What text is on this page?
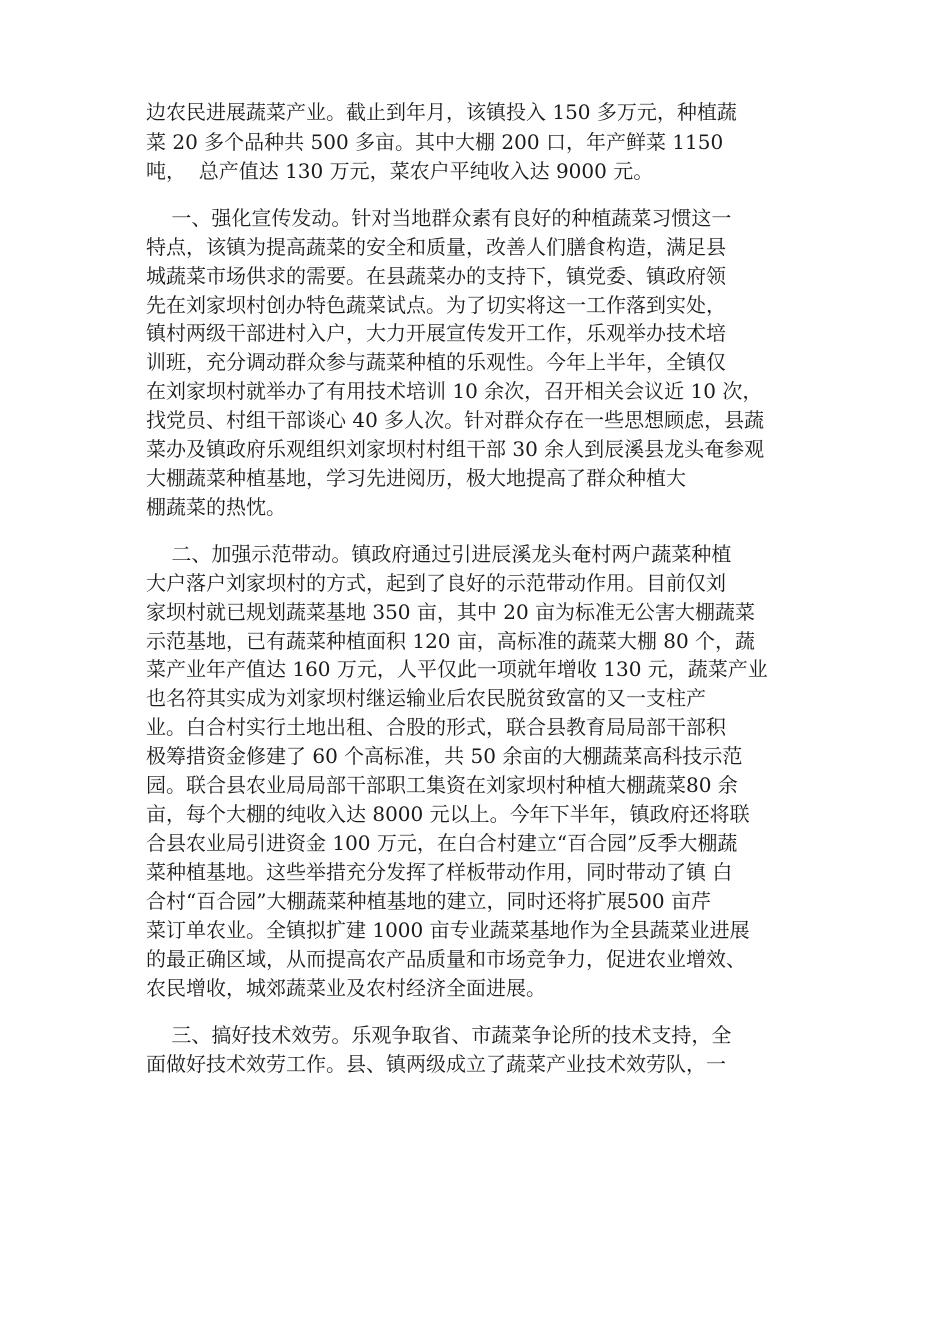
边农民进展蔬菜产业。截止到年月，该镇投入 150 多万元，种植蔬
菜 20 多个品种共 500 多亩。其中大棚 200 口，年产鲜菜 1150
吨，  总产值达 130 万元，菜农户平纯收入达 9000 元。
一、强化宣传发动。针对当地群众素有良好的种植蔬菜习惯这一
特点，该镇为提高蔬菜的安全和质量，改善人们膳食构造，满足县
城蔬菜市场供求的需要。在县蔬菜办的支持下，镇党委、镇政府领
先在刘家坝村创办特色蔬菜试点。为了切实将这一工作落到实处，
镇村两级干部进村入户，大力开展宣传发开工作，乐观举办技术培
训班，充分调动群众参与蔬菜种植的乐观性。今年上半年，全镇仅
在刘家坝村就举办了有用技术培训 10 余次，召开相关会议近 10 次，
找党员、村组干部谈心 40 多人次。针对群众存在一些思想顾虑，县蔬
菜办及镇政府乐观组织刘家坝村村组干部 30 余人到辰溪县龙头奄参观
大棚蔬菜种植基地，学习先进阅历，极大地提高了群众种植大
棚蔬菜的热忱。
二、加强示范带动。镇政府通过引进辰溪龙头奄村两户蔬菜种植
大户落户刘家坝村的方式，起到了良好的示范带动作用。目前仅刘
家坝村就已规划蔬菜基地 350 亩，其中 20 亩为标准无公害大棚蔬菜
示范基地，已有蔬菜种植面积 120 亩，高标准的蔬菜大棚 80 个，蔬
菜产业年产值达 160 万元，人平仅此一项就年增收 130 元，蔬菜产业
也名符其实成为刘家坝村继运输业后农民脱贫致富的又一支柱产
业。白合村实行土地出租、合股的形式，联合县教育局局部干部积
极筹措资金修建了 60 个高标准，共 50 余亩的大棚蔬菜高科技示范
园。联合县农业局局部干部职工集资在刘家坝村种植大棚蔬菜80 余
亩，每个大棚的纯收入达 8000 元以上。今年下半年，镇政府还将联
合县农业局引进资金 100 万元，在白合村建立“百合园”反季大棚蔬
菜种植基地。这些举措充分发挥了样板带动作用，同时带动了镇 白
合村“百合园”大棚蔬菜种植基地的建立，同时还将扩展500 亩芹
菜订单农业。全镇拟扩建 1000 亩专业蔬菜基地作为全县蔬菜业进展
的最正确区域，从而提高农产品质量和市场竞争力，促进农业增效、
农民增收，城郊蔬菜业及农村经济全面进展。
三、搞好技术效劳。乐观争取省、市蔬菜争论所的技术支持，全
面做好技术效劳工作。县、镇两级成立了蔬菜产业技术效劳队，一
